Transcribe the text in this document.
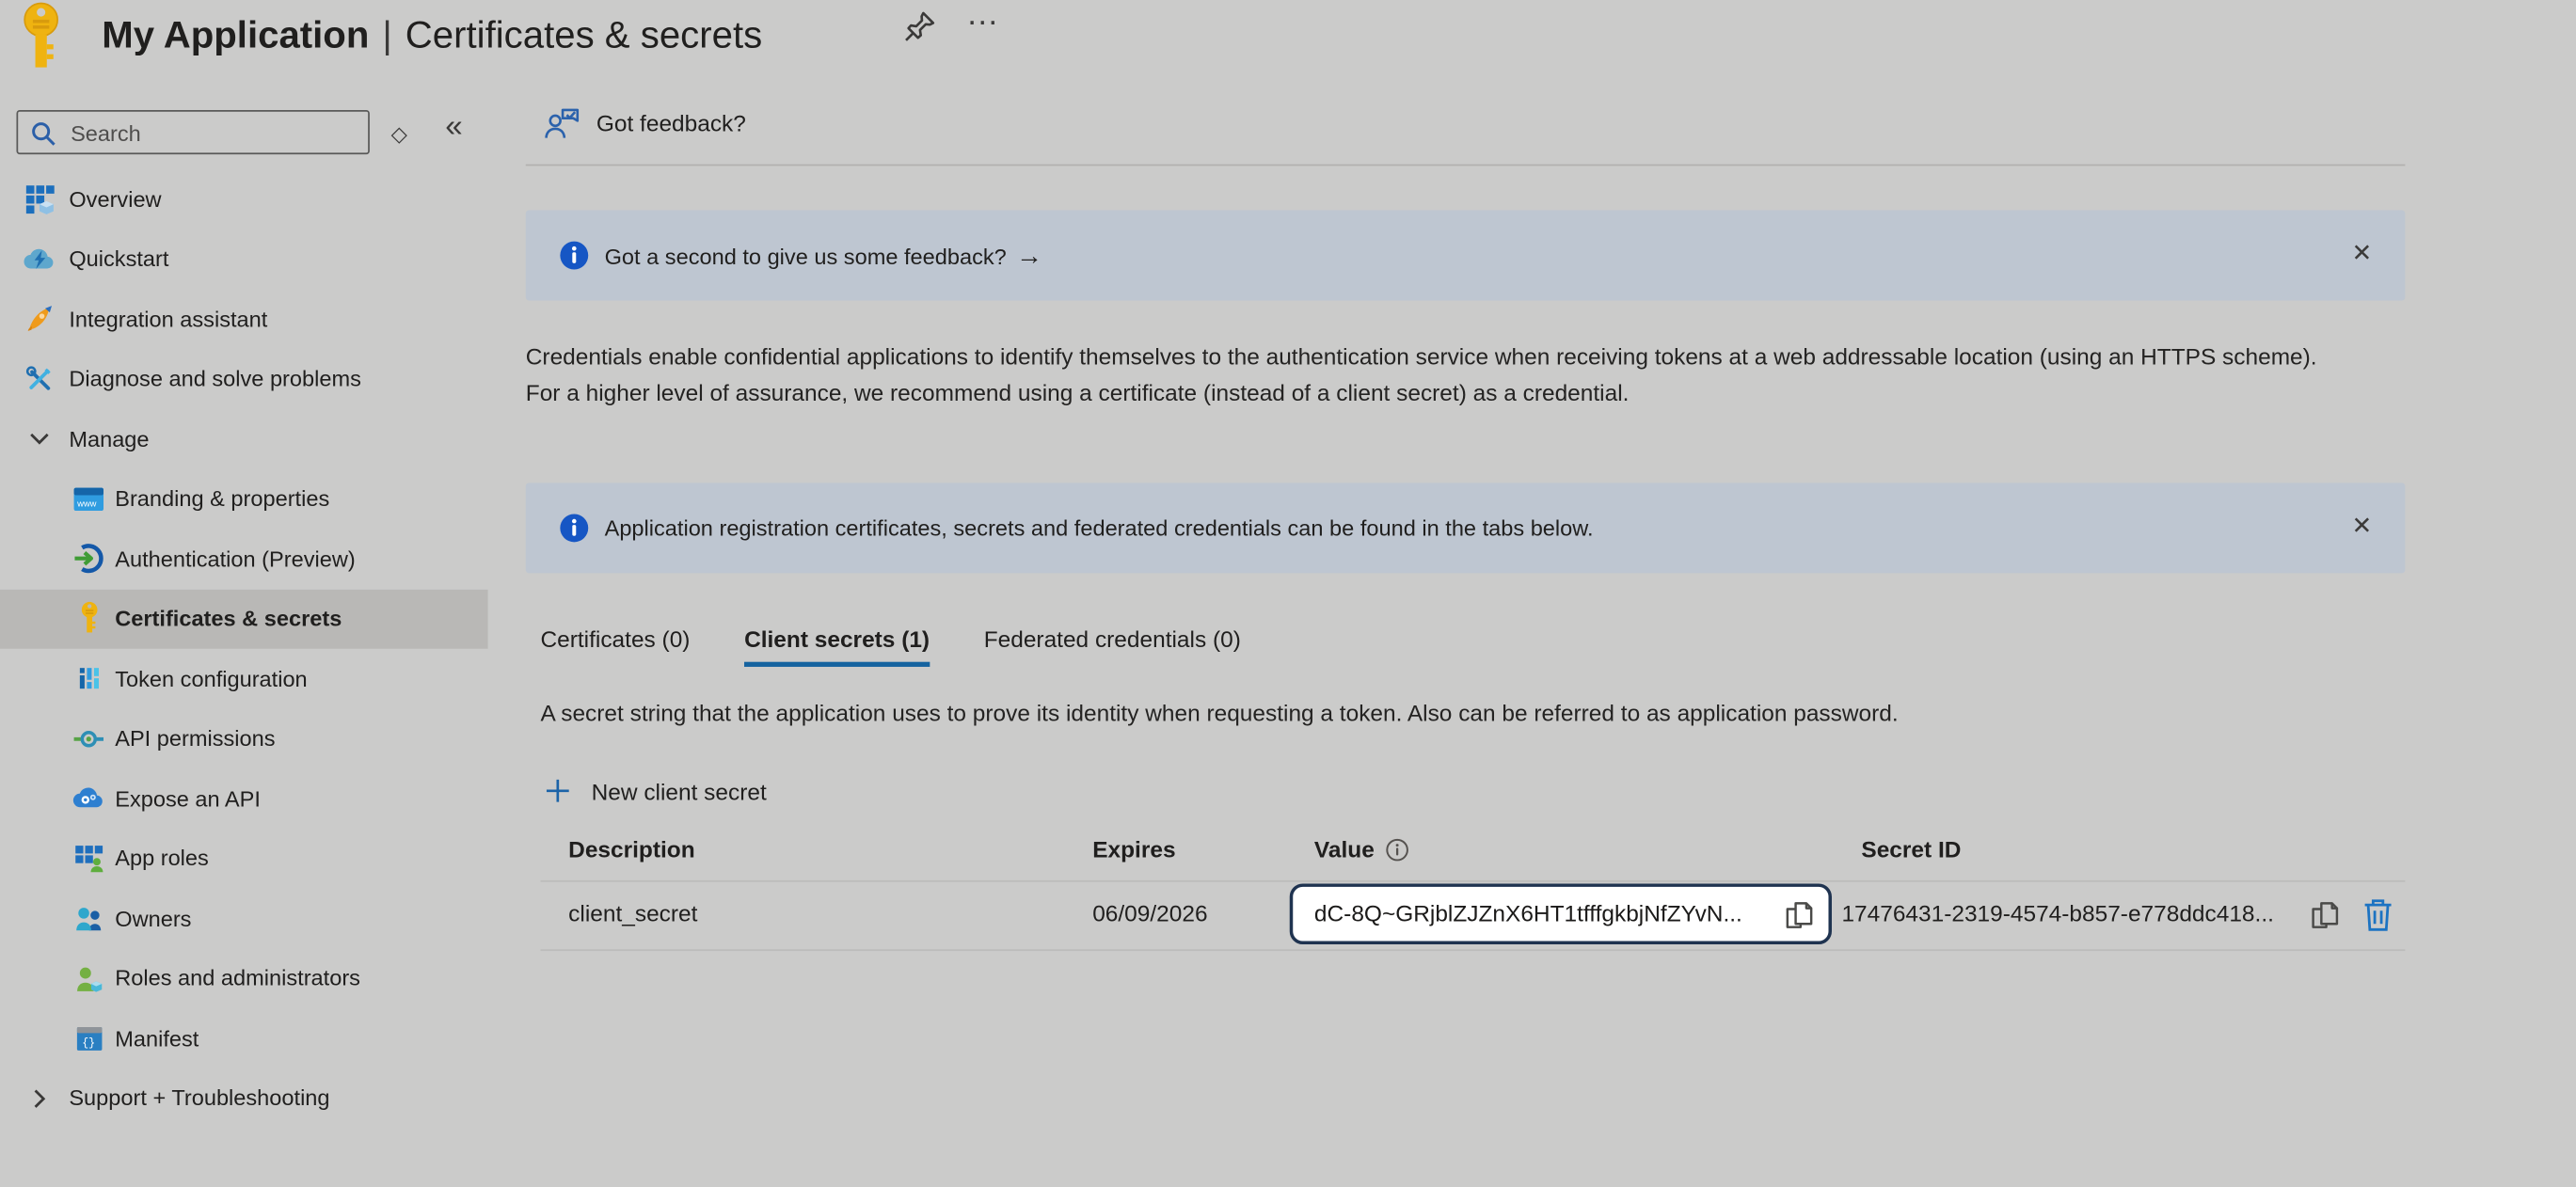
My Application | Certificates & secrets	…
Search
◇ «
Overview
Quickstart
Integration assistant
Diagnose and solve problems
Manage
www Branding & properties
Authentication (Preview)
Certificates & secrets
Token configuration
API permissions
Expose an API
App roles
Owners
Roles and administrators
{} Manifest
Support + Troubleshooting
Got feedback?
Got a second to give us some feedback? →	✕
Credentials enable confidential applications to identify themselves to the authentication service when receiving tokens at a web addressable location (using an HTTPS scheme). For a higher level of assurance, we recommend using a certificate (instead of a client secret) as a credential.
Application registration certificates, secrets and federated credentials can be found in the tabs below.	✕
Certificates (0)	Client secrets (1)	Federated credentials (0)
A secret string that the application uses to prove its identity when requesting a token. Also can be referred to as application password.
New client secret
Description	Expires	Value	Secret ID
client_secret	06/09/2026	dC-8Q~GRjblZJZnX6HT1tfffgkbjNfZYvN...	17476431-2319-4574-b857-e778ddc418...
